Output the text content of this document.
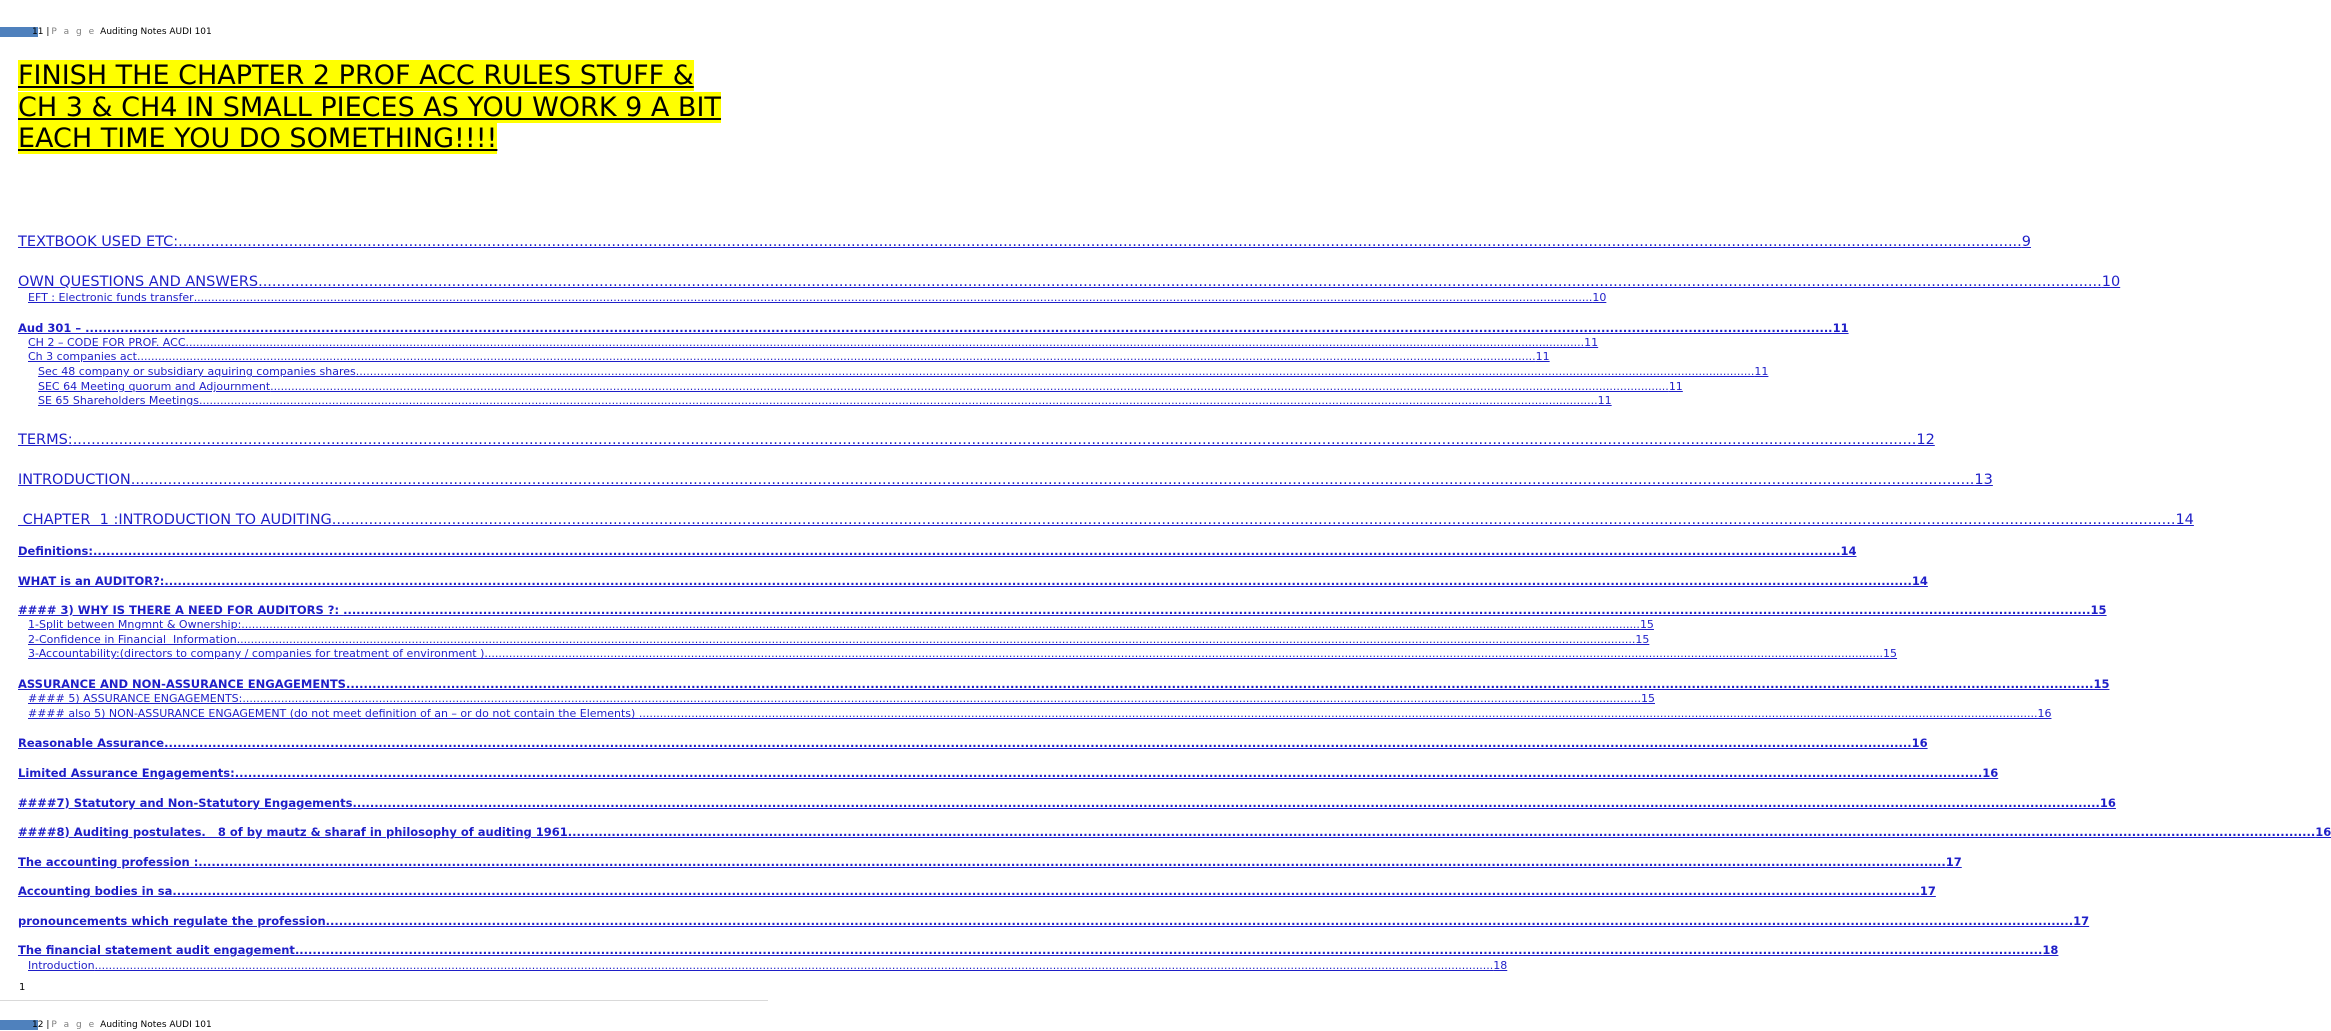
11 | P a g e Auditing Notes AUDI 101
FINISH THE CHAPTER 2 PROF ACC RULES STUFF & CH 3 & CH4 IN SMALL PIECES AS YOU WORK 9 A BIT EACH TIME YOU DO SOMETHING!!!!
TEXTBOOK USED ETC: ................................................................................................................................................................................................................................................................................................................................................................................................................ 9
OWN QUESTIONS AND ANSWERS ................................................................................................................................................................................................................................................................................................................................................................................................................ 10
EFT : Electronic funds transfer ................................................................................................................................................................................................................................................................................................................................................................................................................ 10
Aud 301 – ................................................................................................................................................................................................................................................................................................................................................................................................................ 11
CH 2 – CODE FOR PROF. ACC ................................................................................................................................................................................................................................................................................................................................................................................................................ 11
Ch 3 companies act ................................................................................................................................................................................................................................................................................................................................................................................................................ 11
Sec 48 company or subsidiary aquiring companies shares ................................................................................................................................................................................................................................................................................................................................................................................................................ 11
SEC 64 Meeting quorum and Adjournment ................................................................................................................................................................................................................................................................................................................................................................................................................ 11
SE 65 Shareholders Meetings ................................................................................................................................................................................................................................................................................................................................................................................................................ 11
TERMS: ................................................................................................................................................................................................................................................................................................................................................................................................................ 12
INTRODUCTION ................................................................................................................................................................................................................................................................................................................................................................................................................ 13
CHAPTER  1 :INTRODUCTION TO AUDITING ................................................................................................................................................................................................................................................................................................................................................................................................................ 14
Definitions: ................................................................................................................................................................................................................................................................................................................................................................................................................ 14
WHAT is an AUDITOR?: ................................................................................................................................................................................................................................................................................................................................................................................................................ 14
#### 3) WHY IS THERE A NEED FOR AUDITORS ?: ................................................................................................................................................................................................................................................................................................................................................................................................................ 15
1-Split between Mngmnt & Ownership: ................................................................................................................................................................................................................................................................................................................................................................................................................ 15
2-Confidence in Financial  Information ................................................................................................................................................................................................................................................................................................................................................................................................................ 15
3-Accountability:(directors to company / companies for treatment of environment ) ................................................................................................................................................................................................................................................................................................................................................................................................................ 15
ASSURANCE AND NON-ASSURANCE ENGAGEMENTS ................................................................................................................................................................................................................................................................................................................................................................................................................ 15
#### 5) ASSURANCE ENGAGEMENTS: ................................................................................................................................................................................................................................................................................................................................................................................................................ 15
#### also 5) NON-ASSURANCE ENGAGEMENT (do not meet definition of an – or do not contain the Elements) ................................................................................................................................................................................................................................................................................................................................................................................................................ 16
Reasonable Assurance ................................................................................................................................................................................................................................................................................................................................................................................................................ 16
Limited Assurance Engagements: ................................................................................................................................................................................................................................................................................................................................................................................................................ 16
####7) Statutory and Non-Statutory Engagements ................................................................................................................................................................................................................................................................................................................................................................................................................ 16
####8) Auditing postulates.   8 of by mautz & sharaf in philosophy of auditing 1961 ................................................................................................................................................................................................................................................................................................................................................................................................................ 16
The accounting profession : ................................................................................................................................................................................................................................................................................................................................................................................................................ 17
Accounting bodies in sa ................................................................................................................................................................................................................................................................................................................................................................................................................ 17
pronouncements which regulate the profession ................................................................................................................................................................................................................................................................................................................................................................................................................ 17
The financial statement audit engagement ................................................................................................................................................................................................................................................................................................................................................................................................................ 18
Introduction ................................................................................................................................................................................................................................................................................................................................................................................................................ 18
1
12 | P a g e Auditing Notes AUDI 101
